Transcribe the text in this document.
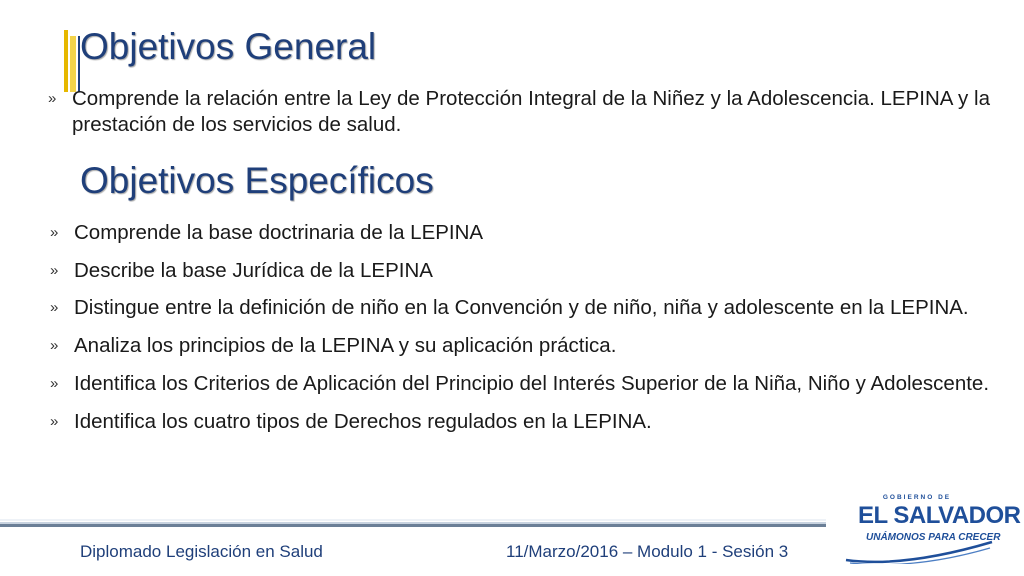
Objetivos General
» Comprende la relación entre la Ley de Protección Integral de la Niñez y la Adolescencia. LEPINA y la prestación de los servicios de salud.
Objetivos Específicos
» Comprende la base doctrinaria de la LEPINA
» Describe la base Jurídica de la LEPINA
» Distingue entre la definición de niño en la Convención y de niño, niña y adolescente en la LEPINA.
» Analiza los principios de la LEPINA y su aplicación práctica.
» Identifica los Criterios de Aplicación del Principio del Interés Superior de la Niña, Niño y Adolescente.
» Identifica los cuatro tipos de Derechos regulados en la LEPINA.

Diplomado Legislación en Salud	11/Marzo/2016 – Modulo 1 - Sesión 3

GOBIERNO DE
EL SALVADOR
UNÁMONOS PARA CRECER
